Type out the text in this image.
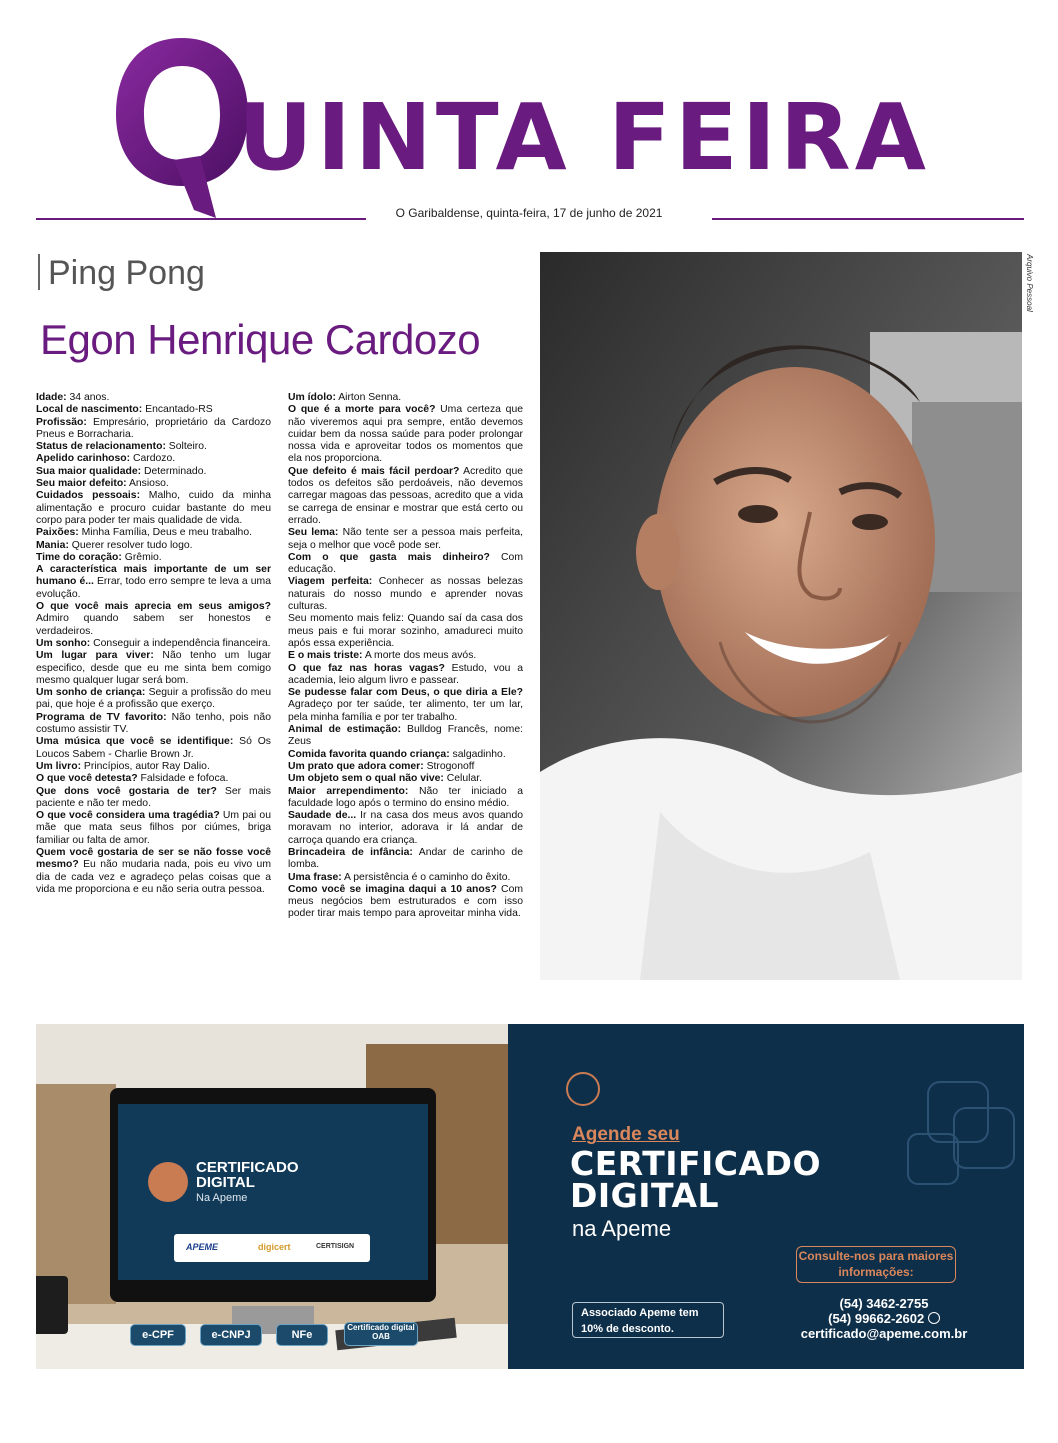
UINTA FEIRA
O Garibaldense, quinta-feira, 17 de junho de 2021
Ping Pong
Egon Henrique Cardozo

Idade: 34 anos.

Local de nascimento: Encantado-RS

Profissão: Empresário, proprietário da Cardozo Pneus e Borracharia.

Status de relacionamento: Solteiro.

Apelido carinhoso: Cardozo.

Sua maior qualidade: Determinado.

Seu maior defeito: Ansioso.

Cuidados pessoais: Malho, cuido da minha alimentação e procuro cuidar bastante do meu corpo para poder ter mais qualidade de vida.

Paixões: Minha Família, Deus e meu trabalho.

Mania: Querer resolver tudo logo.

Time do coração: Grêmio.

A característica mais importante de um ser humano é... Errar, todo erro sempre te leva a uma evolução.

O que você mais aprecia em seus amigos? Admiro quando sabem ser honestos e verdadeiros.

Um sonho: Conseguir a independência financeira.

Um lugar para viver: Não tenho um lugar especifico, desde que eu me sinta bem comigo mesmo qualquer lugar será bom.

Um sonho de criança: Seguir a profissão do meu pai, que hoje é a profissão que exerço.

Programa de TV favorito: Não tenho, pois não costumo assistir TV.

Uma música que você se identifique: Só Os Loucos Sabem - Charlie Brown Jr.

Um livro: Princípios, autor Ray Dalio.

O que você detesta? Falsidade e fofoca.

Que dons você gostaria de ter? Ser mais paciente e não ter medo.

O que você considera uma tragédia? Um pai ou mãe que mata seus filhos por ciúmes, briga familiar ou falta de amor.

Quem você gostaria de ser se não fosse você mesmo? Eu não mudaria nada, pois eu vivo um dia de cada vez e agradeço pelas coisas que a vida me proporciona e eu não seria outra pessoa.

Um ídolo: Airton Senna.

O que é a morte para você? Uma certeza que não viveremos aqui pra sempre, então devemos cuidar bem da nossa saúde para poder prolongar nossa vida e aproveitar todos os momentos que ela nos proporciona.

Que defeito é mais fácil perdoar? Acredito que todos os defeitos são perdoáveis, não devemos carregar magoas das pessoas, acredito que a vida se carrega de ensinar e mostrar que está certo ou errado.

Seu lema: Não tente ser a pessoa mais perfeita, seja o melhor que você pode ser.

Com o que gasta mais dinheiro? Com educação.

Viagem perfeita: Conhecer as nossas belezas naturais do nosso mundo e aprender novas culturas.

Seu momento mais feliz: Quando saí da casa dos meus pais e fui morar sozinho, amadureci muito após essa experiência.

E o mais triste: A morte dos meus avós.

O que faz nas horas vagas? Estudo, vou a academia, leio algum livro e passear.

Se pudesse falar com Deus, o que diria a Ele? Agradeço por ter saúde, ter alimento, ter um lar, pela minha família e por ter trabalho.

Animal de estimação: Bulldog Francês, nome: Zeus

Comida favorita quando criança: salgadinho.

Um prato que adora comer: Strogonoff

Um objeto sem o qual não vive: Celular.

Maior arrependimento: Não ter iniciado a faculdade logo após o termino do ensino médio.

Saudade de... Ir na casa dos meus avos quando moravam no interior, adorava ir lá andar de carroça quando era criança.

Brincadeira de infância: Andar de carinho de lomba.

Uma frase: A persistência é o caminho do êxito.

Como você se imagina daqui a 10 anos? Com meus negócios bem estruturados e com isso poder tirar mais tempo para aproveitar minha vida.

Arquivo Pessoal
CERTIFICADO
DIGITAL
Na Apeme
APEME	digicert	CERTISIGN
e-CPF	e-CNPJ	NFe
Certificado digital OAB
Agende seu
CERTIFICADO
DIGITAL
na Apeme
Consulte-nos para maiores informações:
Associado Apeme tem 10% de desconto.
(54) 3462-2755
(54) 99662-2602
certificado@apeme.com.br
